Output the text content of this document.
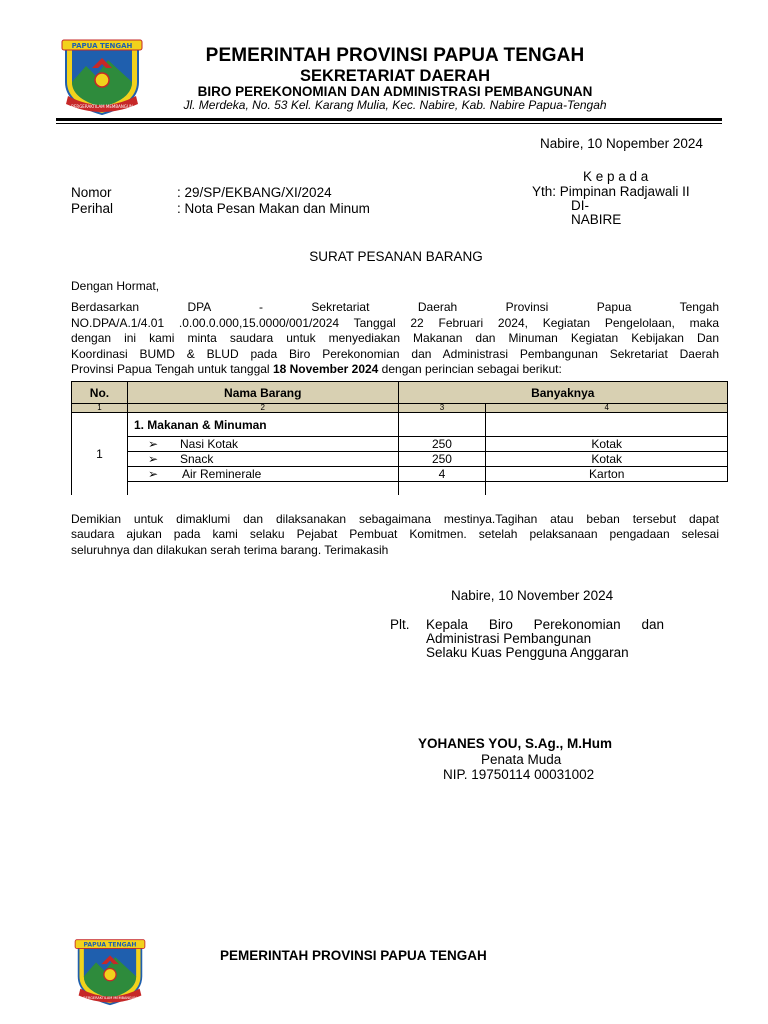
PAPUA TENGAH
BERGERAKTILAM MEMBANGUN
PEMERINTAH PROVINSI PAPUA TENGAH
SEKRETARIAT DAERAH
BIRO PEREKONOMIAN DAN ADMINISTRASI PEMBANGUNAN
Jl. Merdeka, No. 53 Kel. Karang Mulia, Kec. Nabire, Kab. Nabire Papua-Tengah
Nabire, 10 Nopember 2024
K e p a d a
Yth: Pimpinan Radjawali II
DI-
NABIRE
Nomor	: 29/SP/EKBANG/XI/2024
Perihal	: Nota Pesan Makan dan Minum
SURAT PESANAN BARANG
Dengan Hormat,
Berdasarkan DPA - Sekretariat Daerah Provinsi Papua Tengah
NO.DPA/A.1/4.01 .0.00.0.000,15.0000/001/2024 Tanggal 22 Februari 2024, Kegiatan Pengelolaan, maka
dengan ini kami minta saudara untuk menyediakan Makanan dan Minuman Kegiatan Kebijakan Dan
Koordinasi BUMD & BLUD pada Biro Perekonomian dan Administrasi Pembangunan Sekretariat Daerah
Provinsi Papua Tengah untuk tanggal 18 November 2024 dengan perincian sebagai berikut:
No.	Nama Barang	Banyaknya	
1	2	3	4
1	1. Makanan & Minuman		
	➢ Nasi Kotak	250	Kotak
	➢ Snack	250	Kotak
	➢ Air Reminerale	4	Karton

Demikian untuk dimaklumi dan dilaksanakan sebagaimana mestinya.Tagihan atau beban tersebut dapat
saudara ajukan pada kami selaku Pejabat Pembuat Komitmen. setelah pelaksanaan pengadaan selesai
seluruhnya dan dilakukan serah terima barang. Terimakasih
Nabire, 10 November 2024
Plt. Kepala Biro Perekonomian dan
Administrasi Pembangunan
Selaku Kuas Pengguna Anggaran
YOHANES YOU, S.Ag., M.Hum
Penata Muda
NIP. 19750114 00031002
PAPUA TENGAH
BERGERAKTILAM MEMBANGUN
PEMERINTAH PROVINSI PAPUA TENGAH
